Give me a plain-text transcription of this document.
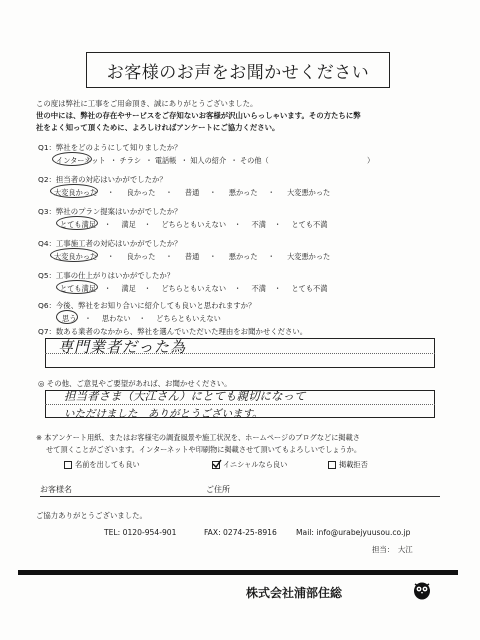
お客様のお声をお聞かせください
この度は弊社に工事をご用命頂き、誠にありがとうございました。
世の中には、弊社の存在やサービスをご存知ないお客様が沢山いらっしゃいます。その方たちに弊
社をよく知って頂くために、よろしければアンケートにご協力ください。
Q1：弊社をどのようにして知りましたか？
インターネット ・ チラシ ・ 電話帳 ・ 知人の紹介 ・ その他（	）
Q2：担当者の対応はいかがでしたか？
大変良かった ・ 良かった ・ 普通 ・ 悪かった ・ 大変悪かった
Q3：弊社のプラン提案はいかがでしたか？
とても満足 ・ 満足 ・ どちらともいえない ・ 不満 ・ とても不満
Q4：工事施工者の対応はいかがでしたか？
大変良かった ・ 良かった ・ 普通 ・ 悪かった ・ 大変悪かった
Q5：工事の仕上がりはいかがでしたか？
とても満足 ・ 満足 ・ どちらともいえない ・ 不満 ・ とても不満
Q6：今後、弊社をお知り合いに紹介しても良いと思われますか？
思う ・ 思わない ・ どちらともいえない
Q7：数ある業者のなかから、弊社を選んでいただいた理由をお聞かせください。
専門業者だった為
◎ その他、ご意見やご要望があれば、お聞かせください。
担当者さま（大江さん）にとても親切になって
いただけました　ありがとうございます。
※ 本アンケート用紙、またはお客様宅の調査風景や施工状況を、ホームページのブログなどに掲載さ
せて頂くことがございます。インターネットや印刷物に掲載させて頂いてもよろしいでしょうか。
名前を出しても良い	イニシャルなら良い	掲載拒否
お客様名	ご住所
ご協力ありがとうございました。
TEL: 0120-954-901	FAX: 0274-25-8916	Mail: info@urabejyuusou.co.jp
担当：　大江
株式会社浦部住総
